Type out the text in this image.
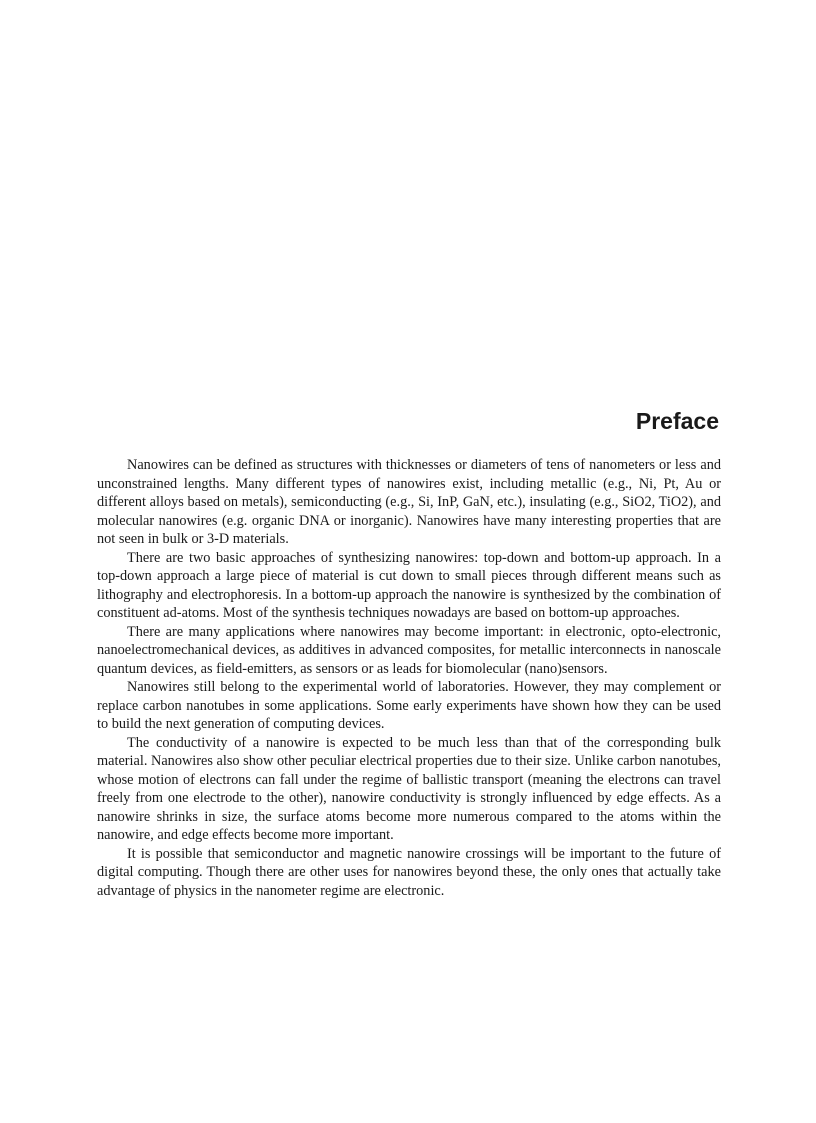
Preface

Nanowires can be defined as structures with thicknesses or diameters of tens of nanometers or less and unconstrained lengths. Many different types of nanowires exist, including metallic (e.g., Ni, Pt, Au or different alloys based on metals), semiconducting (e.g., Si, InP, GaN, etc.), insulating (e.g., SiO2, TiO2), and molecular nanowires (e.g. organic DNA or inorganic). Nanowires have many interesting properties that are not seen in bulk or 3-D materials.

There are two basic approaches of synthesizing nanowires: top-down and bottom-up approach. In a top-down approach a large piece of material is cut down to small pieces through different means such as lithography and electrophoresis. In a bottom-up approach the nanowire is synthesized by the combination of constituent ad-atoms. Most of the synthesis techniques nowadays are based on bottom-up approaches.

There are many applications where nanowires may become important: in electronic, opto-electronic, nanoelectromechanical devices, as additives in advanced composites, for metallic interconnects in nanoscale quantum devices, as field-emitters, as sensors or as leads for biomolecular (nano)sensors.

Nanowires still belong to the experimental world of laboratories. However, they may complement or replace carbon nanotubes in some applications. Some early experiments have shown how they can be used to build the next generation of computing devices.

The conductivity of a nanowire is expected to be much less than that of the corresponding bulk material. Nanowires also show other peculiar electrical properties due to their size. Unlike carbon nanotubes, whose motion of electrons can fall under the regime of ballistic transport (meaning the electrons can travel freely from one electrode to the other), nanowire conductivity is strongly influenced by edge effects. As a nanowire shrinks in size, the surface atoms become more numerous compared to the atoms within the nanowire, and edge effects become more important.

It is possible that semiconductor and magnetic nanowire crossings will be important to the future of digital computing. Though there are other uses for nanowires beyond these, the only ones that actually take advantage of physics in the nanometer regime are electronic.
